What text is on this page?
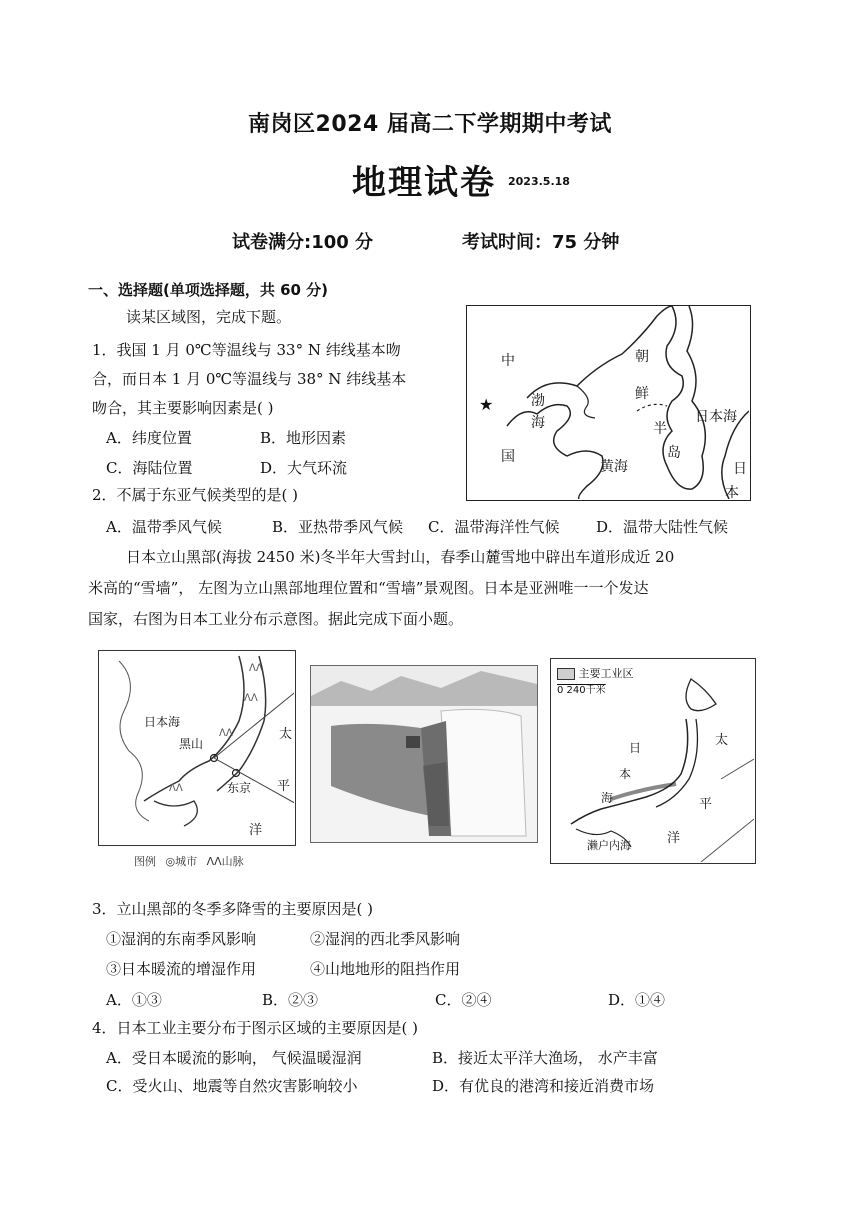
南岗区2024 届高二下学期期中考试
地理试卷 2023.5.18
试卷满分:100 分	考试时间：75 分钟
一、选择题(单项选择题，共 60 分)
读某区域图，完成下题。
1．我国 1 月 0℃等温线与 33° N 纬线基本吻
合，而日本 1 月 0℃等温线与 38° N 纬线基本
吻合，其主要影响因素是( )
A．纬度位置	B．地形因素
C．海陆位置	D．大气环流
★
中
国
渤
海
朝
鲜
半
岛
黄海
日本海
日
本
2．不属于东亚气候类型的是( )
A．温带季风气候	B．亚热带季风气候 C．温带海洋性气候 D．温带大陆性气候
日本立山黑部(海拔 2450 米)冬半年大雪封山，春季山麓雪地中辟出车道形成近 20
米高的“雪墙”， 左图为立山黑部地理位置和“雪墙”景观图。日本是亚洲唯一一个发达
国家，右图为日本工业分布示意图。据此完成下面小题。
ᐱᐱ
ᐱᐱ
ᐱᐱ
ᐱᐱ
日本海
黑山
东京
太
平
洋
图例 ◎城市 ᐱᐱ山脉
主要工业区
0 240千米
日
本
海
太
平
洋
濑户内海
3．立山黑部的冬季多降雪的主要原因是( )
①湿润的东南季风影响	②湿润的西北季风影响
③日本暖流的增湿作用	④山地地形的阻挡作用
A．①③	B．②③	C．②④	D．①④
4．日本工业主要分布于图示区域的主要原因是( )
A．受日本暖流的影响， 气候温暖湿润	B．接近太平洋大渔场， 水产丰富
C．受火山、地震等自然灾害影响较小	D．有优良的港湾和接近消费市场
